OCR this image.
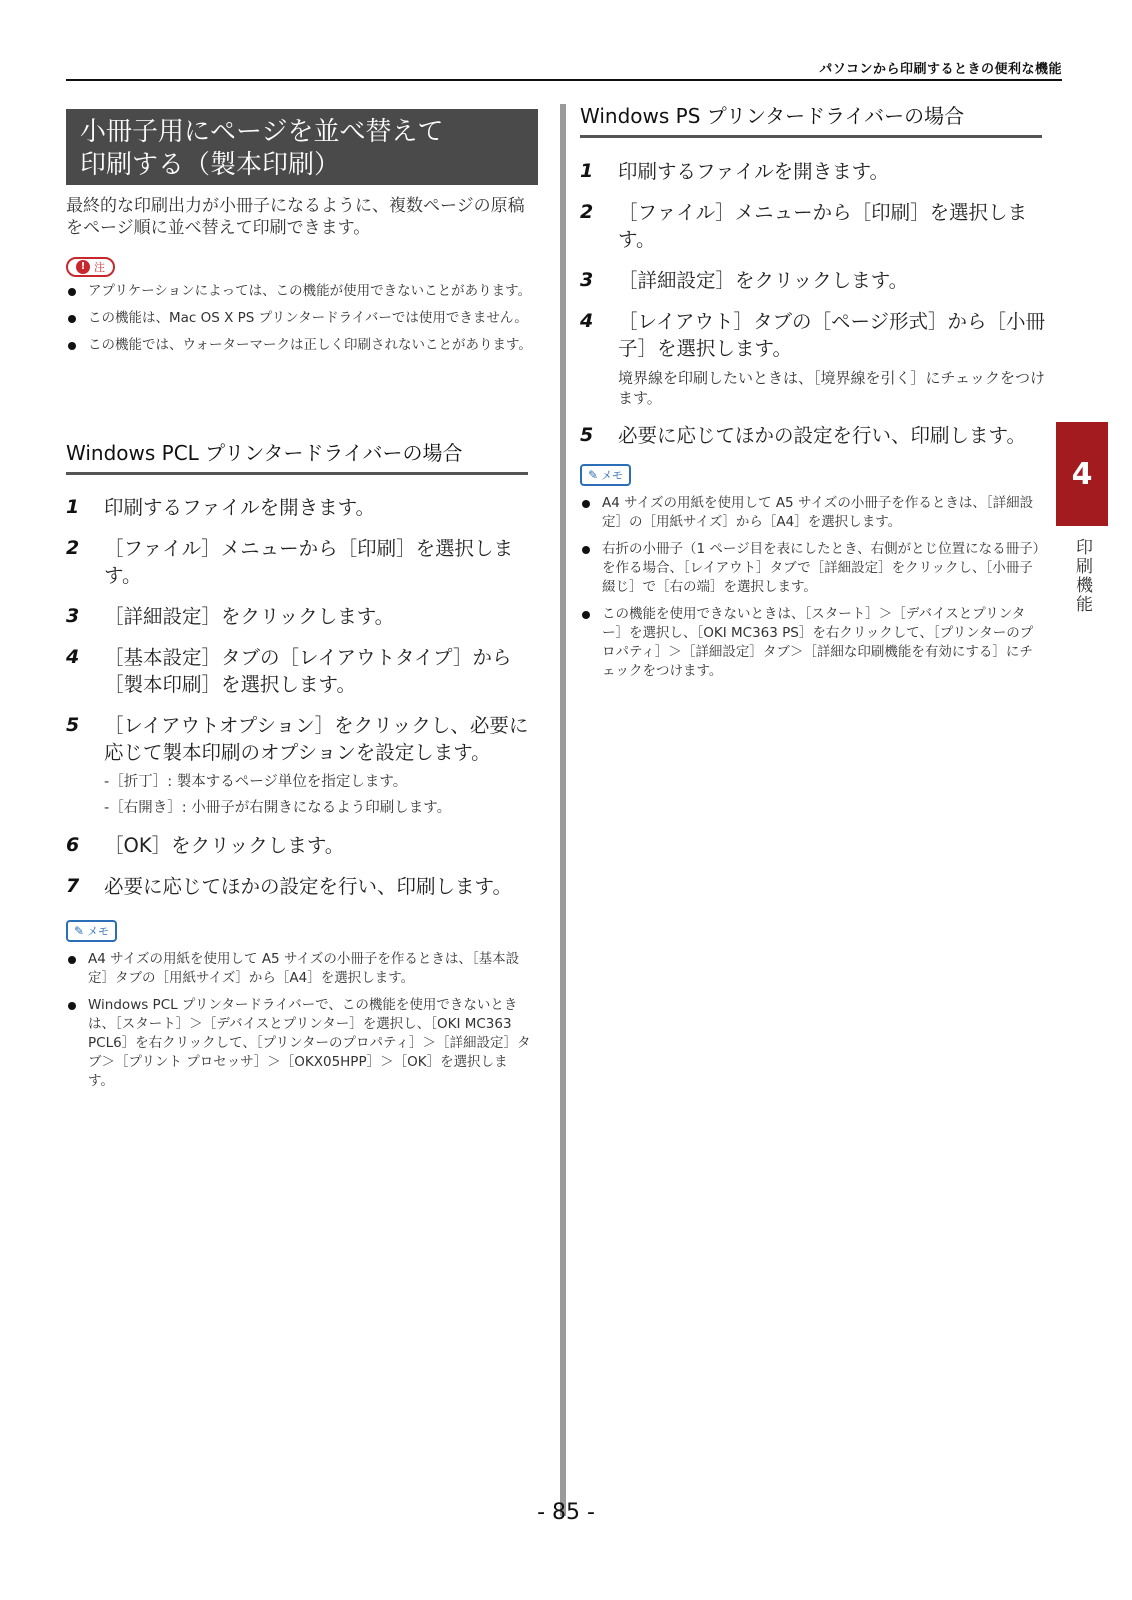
パソコンから印刷するときの便利な機能
小冊子用にページを並べ替えて
印刷する（製本印刷）
最終的な印刷出力が小冊子になるように、複数ページの原稿をページ順に並べ替えて印刷できます。
! 注
アプリケーションによっては、この機能が使用できないことがあります。
この機能は、Mac OS X PS プリンタードライバーでは使用できません。
この機能では、ウォーターマークは正しく印刷されないことがあります。
Windows PCL プリンタードライバーの場合
1 印刷するファイルを開きます。
2 ［ファイル］メニューから［印刷］を選択します。
3 ［詳細設定］をクリックします。
4 ［基本設定］タブの［レイアウトタイプ］から［製本印刷］を選択します。
5 ［レイアウトオプション］をクリックし、必要に応じて製本印刷のオプションを設定します。
-［折丁］: 製本するページ単位を指定します。
-［右開き］: 小冊子が右開きになるよう印刷します。
6 ［OK］をクリックします。
7 必要に応じてほかの設定を行い、印刷します。
✎ メモ
A4 サイズの用紙を使用して A5 サイズの小冊子を作るときは、［基本設定］タブの［用紙サイズ］から［A4］を選択します。
Windows PCL プリンタードライバーで、この機能を使用できないときは、［スタート］＞［デバイスとプリンター］を選択し、［OKI MC363 PCL6］を右クリックして、［プリンターのプロパティ］＞［詳細設定］タブ＞［プリント プロセッサ］＞［OKX05HPP］＞［OK］を選択します。
Windows PS プリンタードライバーの場合
1 印刷するファイルを開きます。
2 ［ファイル］メニューから［印刷］を選択します。
3 ［詳細設定］をクリックします。
4 ［レイアウト］タブの［ページ形式］から［小冊子］を選択します。
境界線を印刷したいときは、［境界線を引く］にチェックをつけます。
5 必要に応じてほかの設定を行い、印刷します。
✎ メモ
A4 サイズの用紙を使用して A5 サイズの小冊子を作るときは、［詳細設定］の［用紙サイズ］から［A4］を選択します。
右折の小冊子（1 ページ目を表にしたとき、右側がとじ位置になる冊子）を作る場合、［レイアウト］タブで［詳細設定］をクリックし、［小冊子綴じ］で［右の端］を選択します。
この機能を使用できないときは、［スタート］＞［デバイスとプリンター］を選択し、［OKI MC363 PS］を右クリックして、［プリンターのプロパティ］＞［詳細設定］タブ＞［詳細な印刷機能を有効にする］にチェックをつけます。
4
印刷機能
- 85 -
